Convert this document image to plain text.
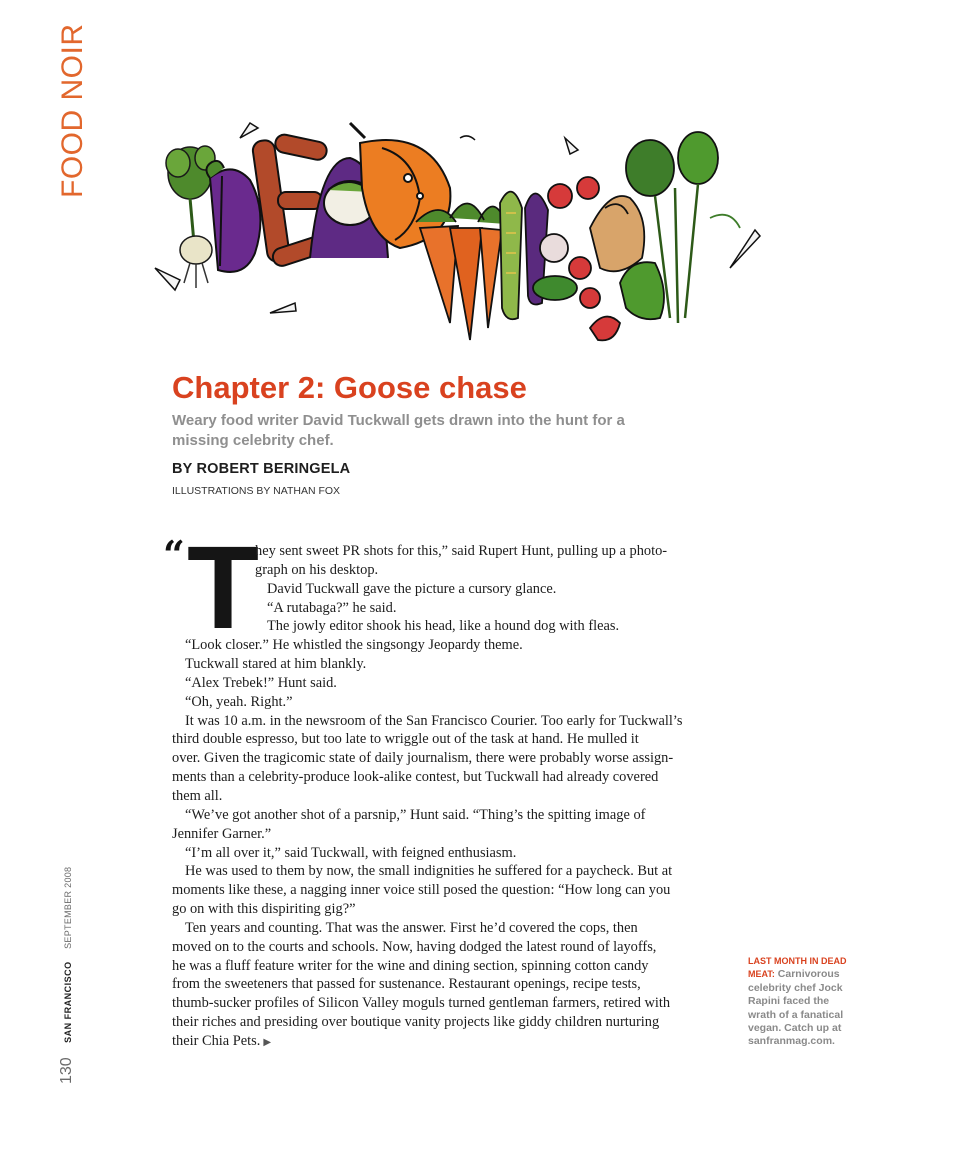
FOOD NOIR
130 SAN FRANCISCO SEPTEMBER 2008
Chapter 2: Goose chase

Weary food writer David Tuckwall gets drawn into the hunt for a missing celebrity chef.

BY ROBERT BERINGELA
ILLUSTRATIONS BY NATHAN FOX
“ T
hey sent sweet PR shots for this,” said Rupert Hunt, pulling up a photo-
graph on his desktop.
David Tuckwall gave the picture a cursory glance.
“A rutabaga?” he said.
The jowly editor shook his head, like a hound dog with fleas.
“Look closer.” He whistled the singsongy Jeopardy theme.
Tuckwall stared at him blankly.
“Alex Trebek!” Hunt said.
“Oh, yeah. Right.”
It was 10 a.m. in the newsroom of the San Francisco Courier. Too early for Tuckwall’s
third double espresso, but too late to wriggle out of the task at hand. He mulled it
over. Given the tragicomic state of daily journalism, there were probably worse assign-
ments than a celebrity-produce look-alike contest, but Tuckwall had already covered
them all.
“We’ve got another shot of a parsnip,” Hunt said. “Thing’s the spitting image of
Jennifer Garner.”
“I’m all over it,” said Tuckwall, with feigned enthusiasm.
He was used to them by now, the small indignities he suffered for a paycheck. But at
moments like these, a nagging inner voice still posed the question: “How long can you
go on with this dispiriting gig?”
Ten years and counting. That was the answer. First he’d covered the cops, then
moved on to the courts and schools. Now, having dodged the latest round of layoffs,
he was a fluff feature writer for the wine and dining section, spinning cotton candy
from the sweeteners that passed for sustenance. Restaurant openings, recipe tests,
thumb-sucker profiles of Silicon Valley moguls turned gentleman farmers, retired with
their riches and presiding over boutique vanity projects like giddy children nurturing
their Chia Pets. ▶
LAST MONTH IN DEAD MEAT: Carnivorous celebrity chef Jock Rapini faced the wrath of a fanatical vegan. Catch up at sanfranmag.com.
